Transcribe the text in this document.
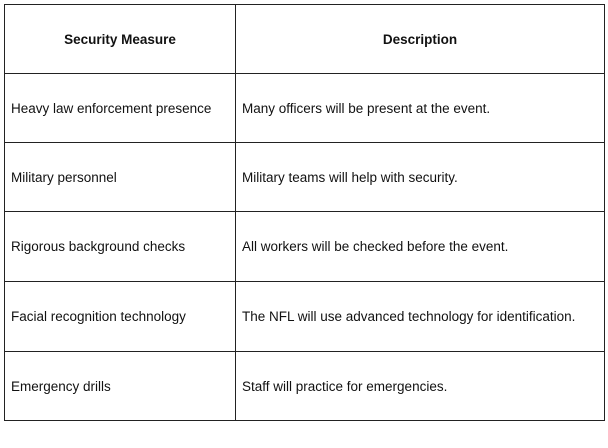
Security Measure	Description
Heavy law enforcement presence	Many officers will be present at the event.
Military personnel	Military teams will help with security.
Rigorous background checks	All workers will be checked before the event.
Facial recognition technology	The NFL will use advanced technology for identification.
Emergency drills	Staff will practice for emergencies.
